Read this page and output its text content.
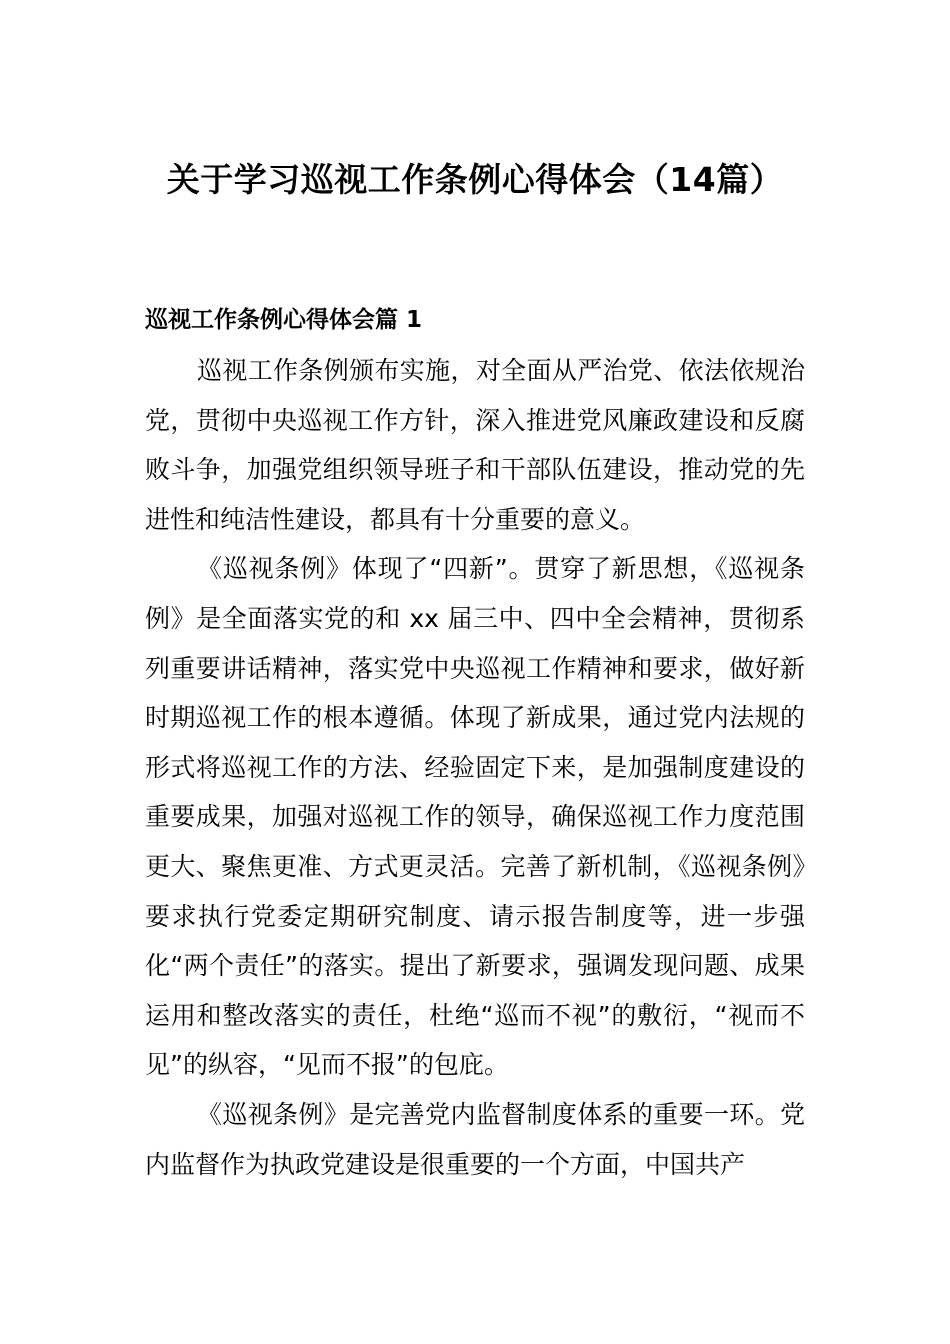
关于学习巡视工作条例心得体会（14篇）
巡视工作条例心得体会篇 1

巡视工作条例颁布实施，对全面从严治党、依法依规治党，贯彻中央巡视工作方针，深入推进党风廉政建设和反腐败斗争，加强党组织领导班子和干部队伍建设，推动党的先进性和纯洁性建设，都具有十分重要的意义。

《巡视条例》体现了“四新”。贯穿了新思想，《巡视条例》是全面落实党的和 xx 届三中、四中全会精神，贯彻系列重要讲话精神，落实党中央巡视工作精神和要求，做好新时期巡视工作的根本遵循。体现了新成果，通过党内法规的形式将巡视工作的方法、经验固定下来，是加强制度建设的重要成果，加强对巡视工作的领导，确保巡视工作力度范围更大、聚焦更准、方式更灵活。完善了新机制，《巡视条例》要求执行党委定期研究制度、请示报告制度等，进一步强化“两个责任”的落实。提出了新要求，强调发现问题、成果运用和整改落实的责任，杜绝“巡而不视”的敷衍，“视而不见”的纵容，“见而不报”的包庇。

《巡视条例》是完善党内监督制度体系的重要一环。党内监督作为执政党建设是很重要的一个方面，中国共产
